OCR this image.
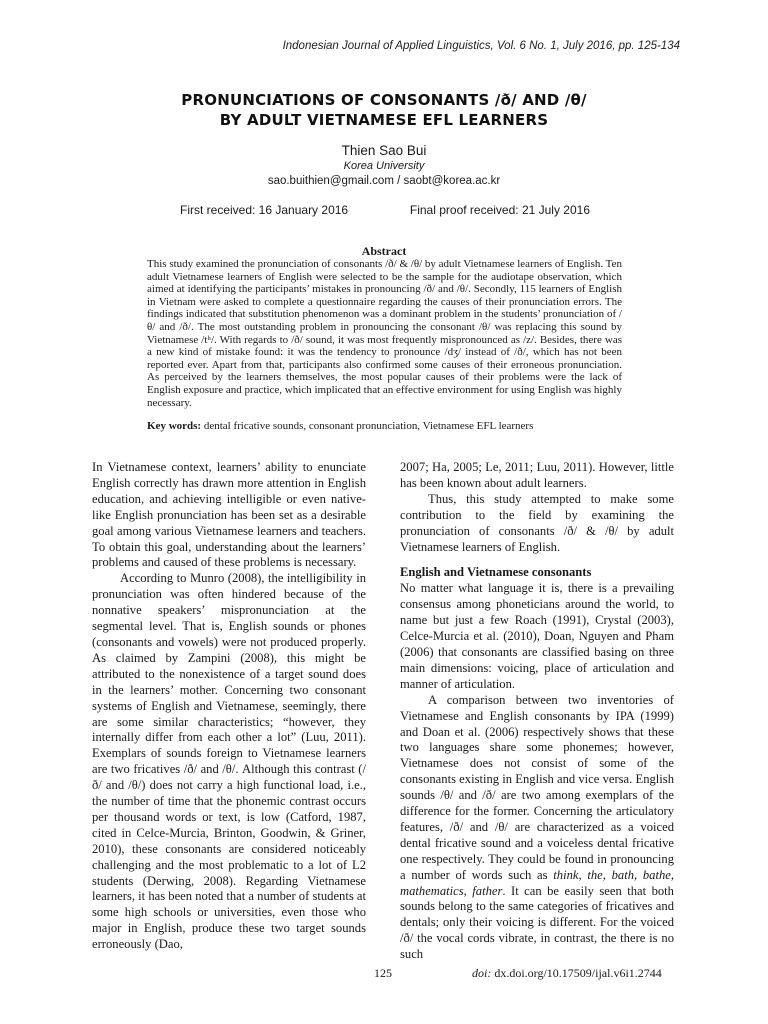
Indonesian Journal of Applied Linguistics, Vol. 6 No. 1, July 2016, pp. 125-134
PRONUNCIATIONS OF CONSONANTS /ð/ AND /θ/
BY ADULT VIETNAMESE EFL LEARNERS
Thien Sao Bui
Korea University
sao.buithien@gmail.com / saobt@korea.ac.kr
First received: 16 January 2016	Final proof received: 21 July 2016
Abstract
This study examined the pronunciation of consonants /ð/ & /θ/ by adult Vietnamese learners of English. Ten adult Vietnamese learners of English were selected to be the sample for the audiotape observation, which aimed at identifying the participants’ mistakes in pronouncing /ð/ and /θ/. Secondly, 115 learners of English in Vietnam were asked to complete a questionnaire regarding the causes of their pronunciation errors. The findings indicated that substitution phenomenon was a dominant problem in the students’ pronunciation of /θ/ and /ð/. The most outstanding problem in pronouncing the consonant /θ/ was replacing this sound by Vietnamese /tʰ/. With regards to /ð/ sound, it was most frequently mispronounced as /z/. Besides, there was a new kind of mistake found: it was the tendency to pronounce /dʒ/ instead of /ð/, which has not been reported ever. Apart from that, participants also confirmed some causes of their erroneous pronunciation. As perceived by the learners themselves, the most popular causes of their problems were the lack of English exposure and practice, which implicated that an effective environment for using English was highly necessary.
Key words: dental fricative sounds, consonant pronunciation, Vietnamese EFL learners

In Vietnamese context, learners’ ability to enunciate English correctly has drawn more attention in English education, and achieving intelligible or even native-like English pronunciation has been set as a desirable goal among various Vietnamese learners and teachers. To obtain this goal, understanding about the learners’ problems and caused of these problems is necessary.

According to Munro (2008), the intelligibility in pronunciation was often hindered because of the nonnative speakers’ mispronunciation at the segmental level. That is, English sounds or phones (consonants and vowels) were not produced properly. As claimed by Zampini (2008), this might be attributed to the nonexistence of a target sound does in the learners’ mother. Concerning two consonant systems of English and Vietnamese, seemingly, there are some similar characteristics; “however, they internally differ from each other a lot” (Luu, 2011). Exemplars of sounds foreign to Vietnamese learners are two fricatives /ð/ and /θ/. Although this contrast (/ð/ and /θ/) does not carry a high functional load, i.e., the number of time that the phonemic contrast occurs per thousand words or text, is low (Catford, 1987, cited in Celce-Murcia, Brinton, Goodwin, & Griner, 2010), these consonants are considered noticeably challenging and the most problematic to a lot of L2 students (Derwing, 2008). Regarding Vietnamese learners, it has been noted that a number of students at some high schools or universities, even those who major in English, produce these two target sounds erroneously (Dao,

2007; Ha, 2005; Le, 2011; Luu, 2011). However, little has been known about adult learners.

Thus, this study attempted to make some contribution to the field by examining the pronunciation of consonants /ð/ & /θ/ by adult Vietnamese learners of English.

English and Vietnamese consonants

No matter what language it is, there is a prevailing consensus among phoneticians around the world, to name but just a few Roach (1991), Crystal (2003), Celce-Murcia et al. (2010), Doan, Nguyen and Pham (2006) that consonants are classified basing on three main dimensions: voicing, place of articulation and manner of articulation.

A comparison between two inventories of Vietnamese and English consonants by IPA (1999) and Doan et al. (2006) respectively shows that these two languages share some phonemes; however, Vietnamese does not consist of some of the consonants existing in English and vice versa. English sounds /θ/ and /ð/ are two among exemplars of the difference for the former. Concerning the articulatory features, /ð/ and /θ/ are characterized as a voiced dental fricative sound and a voiceless dental fricative one respectively. They could be found in pronouncing a number of words such as think, the, bath, bathe, mathematics, father. It can be easily seen that both sounds belong to the same categories of fricatives and dentals; only their voicing is different. For the voiced /ð/ the vocal cords vibrate, in contrast, the there is no such

125	doi: dx.doi.org/10.17509/ijal.v6i1.2744
